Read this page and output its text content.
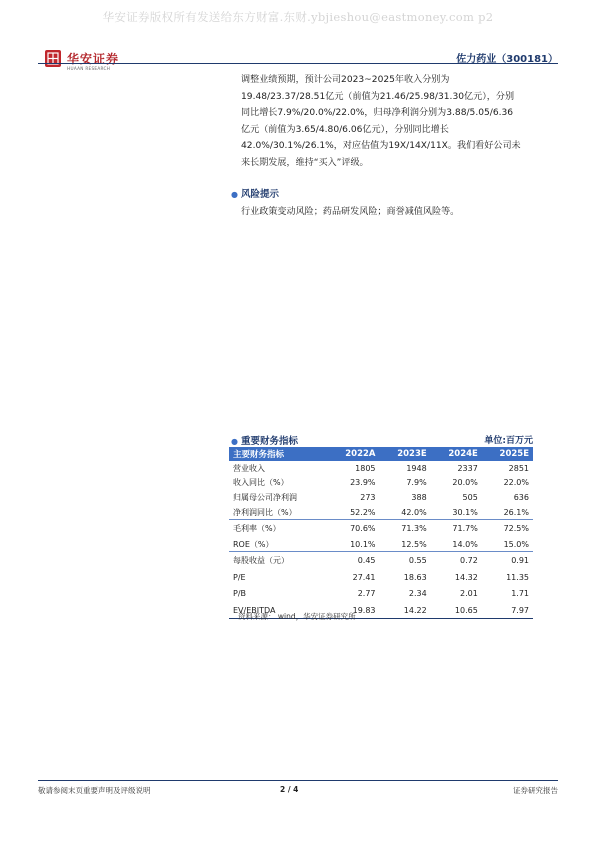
华安证券版权所有发送给东方财富.东财.ybjieshou@eastmoney.com p2
华安证券
HUAAN RESEARCH
佐力药业（300181）

调整业绩预期，预计公司2023~2025年收入分别为

19.48/23.37/28.51亿元（前值为21.46/25.98/31.30亿元），分别

同比增长7.9%/20.0%/22.0%，归母净利润分别为3.88/5.05/6.36

亿元（前值为3.65/4.80/6.06亿元），分别同比增长

42.0%/30.1%/26.1%，对应估值为19X/14X/11X。我们看好公司未

来长期发展，维持“买入”评级。

● 风险提示
行业政策变动风险；药品研发风险；商誉减值风险等。
● 重要财务指标	单位:百万元
主要财务指标	2022A	2023E	2024E	2025E
营业收入	1805	1948	2337	2851
收入同比（%）	23.9%	7.9%	20.0%	22.0%
归属母公司净利润	273	388	505	636
净利润同比（%）	52.2%	42.0%	30.1%	26.1%
毛利率（%）	70.6%	71.3%	71.7%	72.5%
ROE（%）	10.1%	12.5%	14.0%	15.0%
每股收益（元）	0.45	0.55	0.72	0.91
P/E	27.41	18.63	14.32	11.35
P/B	2.77	2.34	2.01	1.71
EV/EBITDA	19.83	14.22	10.65	7.97
资料来源： wind，华安证券研究所
敬请参阅末页重要声明及评级说明	2 / 4	证券研究报告
